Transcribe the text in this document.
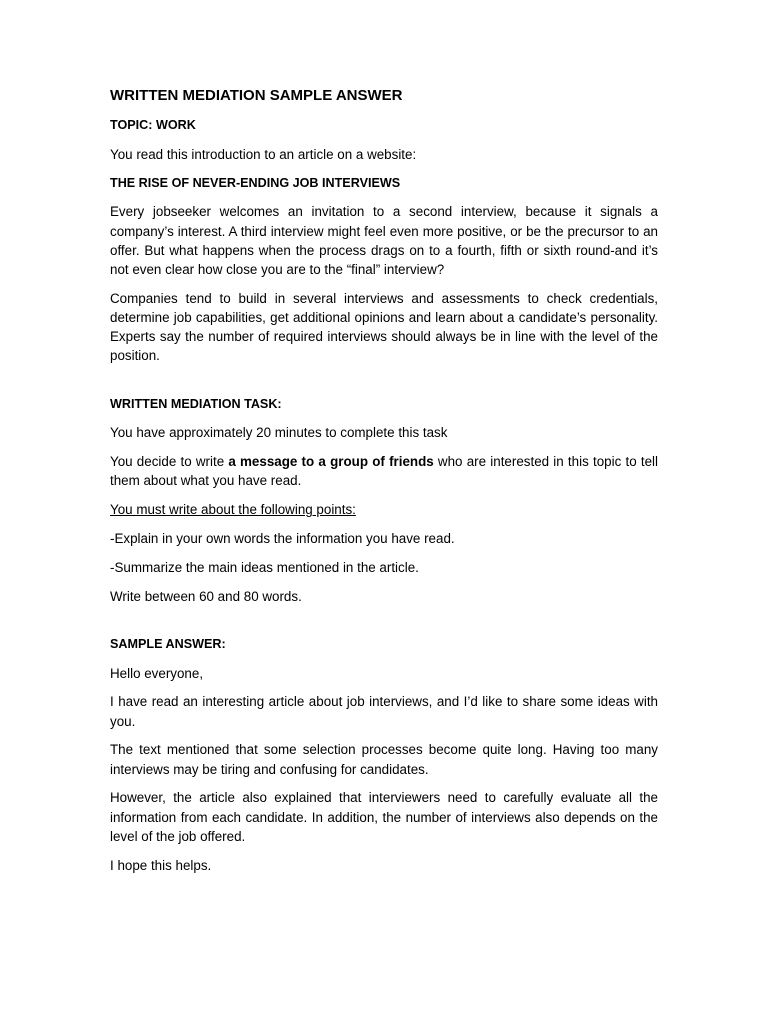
WRITTEN MEDIATION SAMPLE ANSWER

TOPIC: WORK

You read this introduction to an article on a website:

THE RISE OF NEVER-ENDING JOB INTERVIEWS

Every jobseeker welcomes an invitation to a second interview, because it signals a company’s interest. A third interview might feel even more positive, or be the precursor to an offer. But what happens when the process drags on to a fourth, fifth or sixth round-and it’s not even clear how close you are to the “final” interview?

Companies tend to build in several interviews and assessments to check credentials, determine job capabilities, get additional opinions and learn about a candidate’s personality. Experts say the number of required interviews should always be in line with the level of the position.

WRITTEN MEDIATION TASK:

You have approximately 20 minutes to complete this task

You decide to write a message to a group of friends who are interested in this topic to tell them about what you have read.

You must write about the following points:

-Explain in your own words the information you have read.

-Summarize the main ideas mentioned in the article.

Write between 60 and 80 words.

SAMPLE ANSWER:

Hello everyone,

I have read an interesting article about job interviews, and I’d like to share some ideas with you.

The text mentioned that some selection processes become quite long. Having too many interviews may be tiring and confusing for candidates.

However, the article also explained that interviewers need to carefully evaluate all the information from each candidate. In addition, the number of interviews also depends on the level of the job offered.

I hope this helps.
